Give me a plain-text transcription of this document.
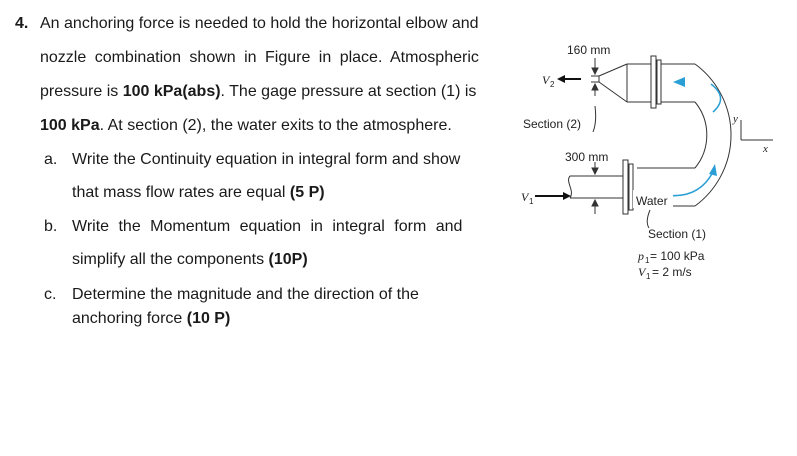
4. An anchoring force is needed to hold the horizontal elbow and
nozzle combination shown in Figure in place. Atmospheric
pressure is 100 kPa(abs). The gage pressure at section (1) is
100 kPa. At section (2), the water exits to the atmosphere.
a. Write the Continuity equation in integral form and show
that mass flow rates are equal (5 P)
b. Write the Momentum equation in integral form and
simplify all the components (10P)
c. Determine the magnitude and the direction of the
anchoring force (10 P)
160 mm
V 2
Section (2)
300 mm
V 1	Water
Section (1)
p 1 = 100 kPa
V 1 = 2 m/s
y
x
